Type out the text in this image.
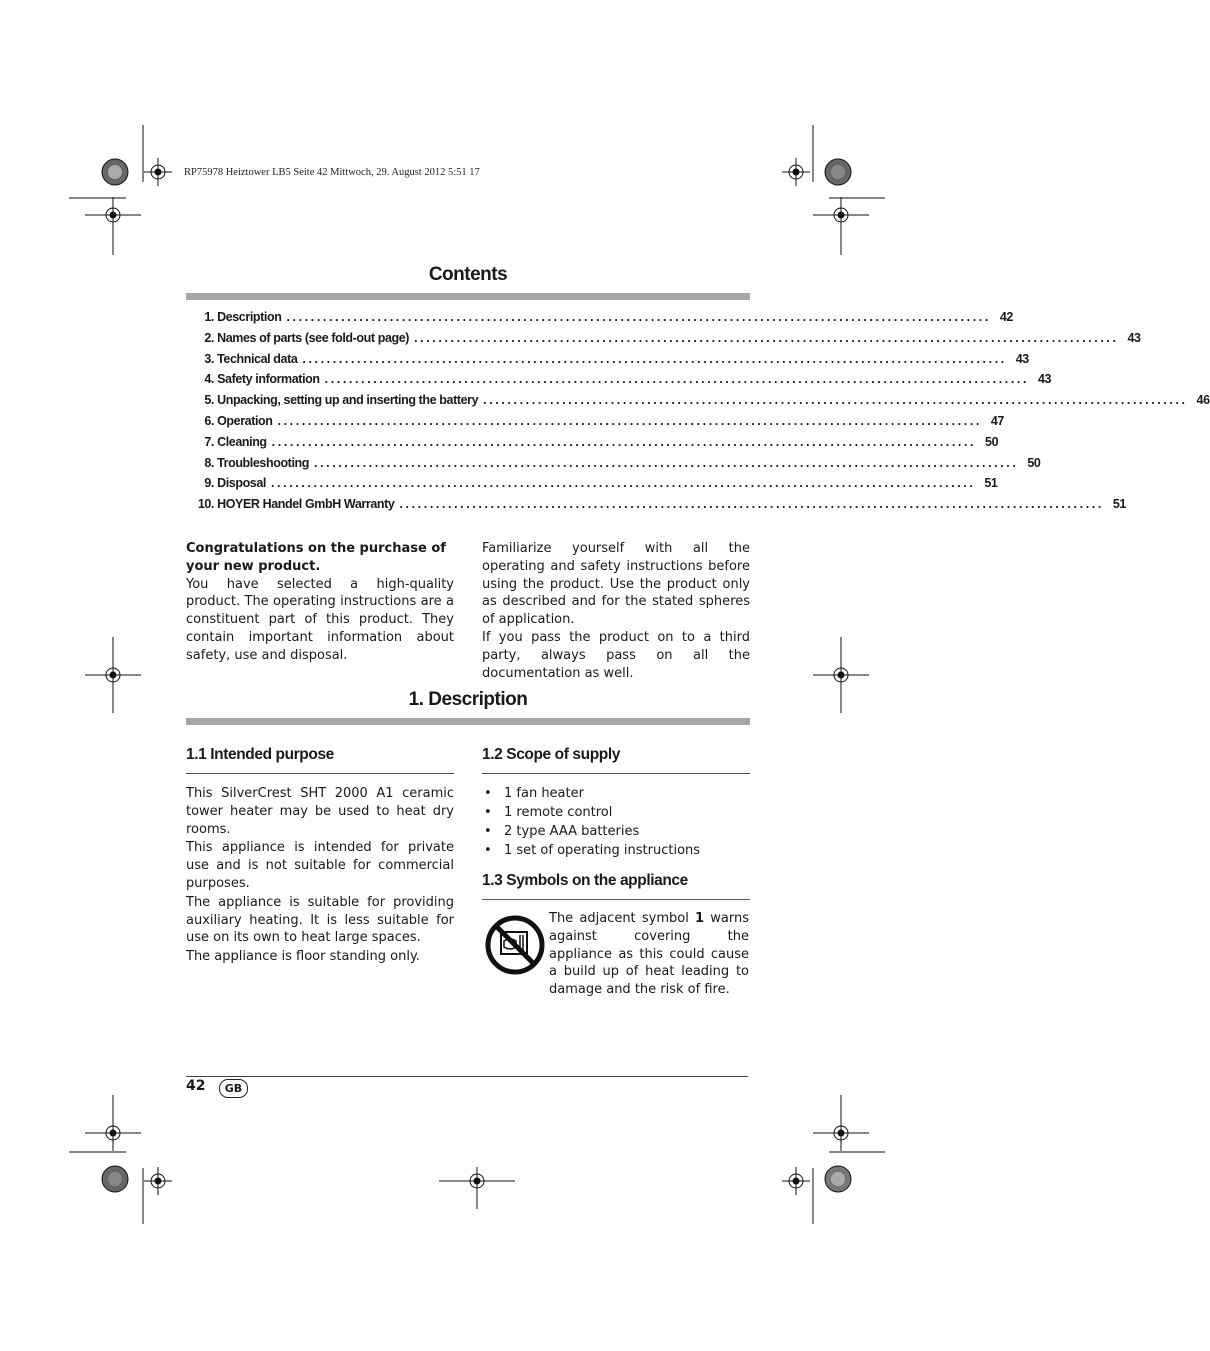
RP75978 Heiztower LB5 Seite 42 Mittwoch, 29. August 2012 5:51 17
Contents
1.
Description .................................................................................................................... 42
2.
Names of parts (see fold-out page) .................................................................................................................... 43
3.
Technical data .................................................................................................................... 43
4.
Safety information .................................................................................................................... 43
5.
Unpacking, setting up and inserting the battery .................................................................................................................... 46
6.
Operation .................................................................................................................... 47
7.
Cleaning .................................................................................................................... 50
8.
Troubleshooting .................................................................................................................... 50
9.
Disposal .................................................................................................................... 51
10.
HOYER Handel GmbH Warranty .................................................................................................................... 51

Congratulations on the purchase of your new product.

You have selected a high-quality product. The operating instructions are a constituent part of this product. They contain important information about safety, use and disposal.

Familiarize yourself with all the operating and safety instructions before using the product. Use the product only as described and for the stated spheres of application.

If you pass the product on to a third party, always pass on all the documentation as well.

1. Description
1.1 Intended purpose

This SilverCrest SHT 2000 A1 ceramic tower heater may be used to heat dry rooms.

This appliance is intended for private use and is not suitable for commercial purposes.

The appliance is suitable for providing auxiliary heating. It is less suitable for use on its own to heat large spaces.

The appliance is floor standing only.

1.2 Scope of supply
• 1 fan heater
• 1 remote control
• 2 type AAA batteries
• 1 set of operating instructions
1.3 Symbols on the appliance

The adjacent symbol 1 warns against covering the appliance as this could cause a build up of heat leading to damage and the risk of fire.

42	GB
